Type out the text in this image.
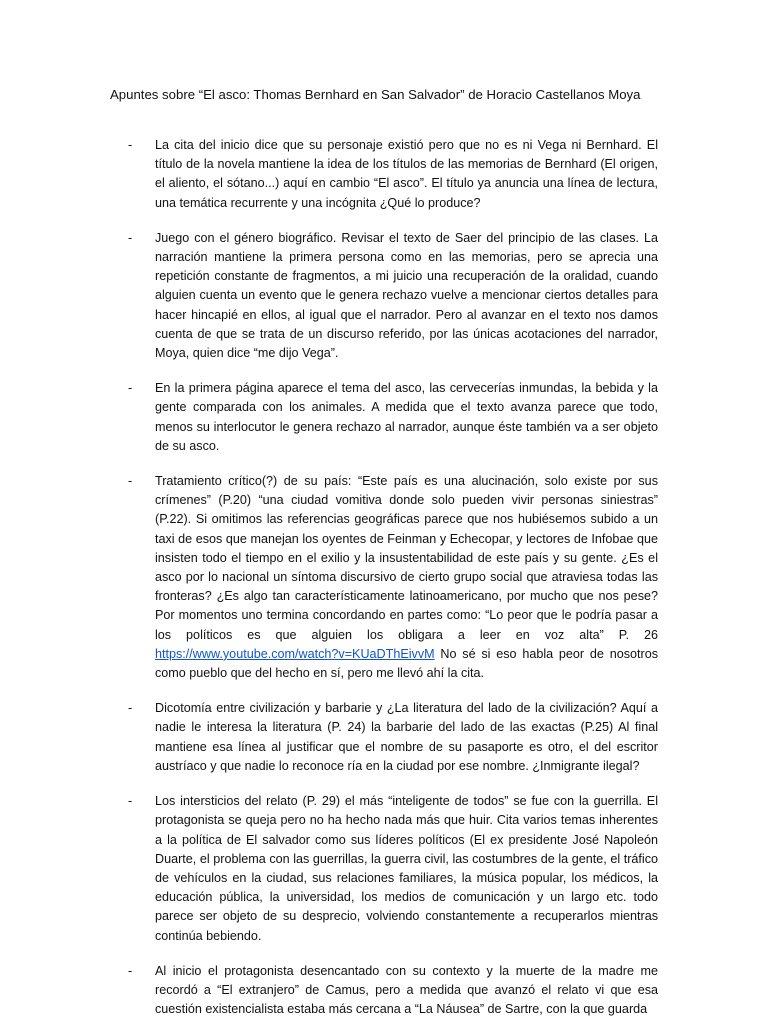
Apuntes sobre “El asco: Thomas Bernhard en San Salvador” de Horacio Castellanos Moya
- La cita del inicio dice que su personaje existió pero que no es ni Vega ni Bernhard. El título de la novela mantiene la idea de los títulos de las memorias de Bernhard (El origen, el aliento, el sótano...) aquí en cambio “El asco”. El título ya anuncia una línea de lectura, una temática recurrente y una incógnita ¿Qué lo produce?
- Juego con el género biográfico. Revisar el texto de Saer del principio de las clases. La narración mantiene la primera persona como en las memorias, pero se aprecia una repetición constante de fragmentos, a mi juicio una recuperación de la oralidad, cuando alguien cuenta un evento que le genera rechazo vuelve a mencionar ciertos detalles para hacer hincapié en ellos, al igual que el narrador. Pero al avanzar en el texto nos damos cuenta de que se trata de un discurso referido, por las únicas acotaciones del narrador, Moya, quien dice “me dijo Vega”.
- En la primera página aparece el tema del asco, las cervecerías inmundas, la bebida y la gente comparada con los animales. A medida que el texto avanza parece que todo, menos su interlocutor le genera rechazo al narrador, aunque éste también va a ser objeto de su asco.
- Tratamiento crítico(?) de su país: “Este país es una alucinación, solo existe por sus crímenes” (P.20) “una ciudad vomitiva donde solo pueden vivir personas siniestras” (P.22). Si omitimos las referencias geográficas parece que nos hubiésemos subido a un taxi de esos que manejan los oyentes de Feinman y Echecopar, y lectores de Infobae que insisten todo el tiempo en el exilio y la insustentabilidad de este país y su gente. ¿Es el asco por lo nacional un síntoma discursivo de cierto grupo social que atraviesa todas las fronteras? ¿Es algo tan característicamente latinoamericano, por mucho que nos pese? Por momentos uno termina concordando en partes como: “Lo peor que le podría pasar a los políticos es que alguien los obligara a leer en voz alta” P. 26 https://www.youtube.com/watch?v=KUaDThEivvM No sé si eso habla peor de nosotros como pueblo que del hecho en sí, pero me llevó ahí la cita.
- Dicotomía entre civilización y barbarie y ¿La literatura del lado de la civilización? Aquí a nadie le interesa la literatura (P. 24) la barbarie del lado de las exactas (P.25) Al final mantiene esa línea al justificar que el nombre de su pasaporte es otro, el del escritor austríaco y que nadie lo reconoce ría en la ciudad por ese nombre. ¿Inmigrante ilegal?
- Los intersticios del relato (P. 29) el más “inteligente de todos” se fue con la guerrilla. El protagonista se queja pero no ha hecho nada más que huir. Cita varios temas inherentes a la política de El salvador como sus líderes políticos (El ex presidente José Napoleón Duarte, el problema con las guerrillas, la guerra civil, las costumbres de la gente, el tráfico de vehículos en la ciudad, sus relaciones familiares, la música popular, los médicos, la educación pública, la universidad, los medios de comunicación y un largo etc. todo parece ser objeto de su desprecio, volviendo constantemente a recuperarlos mientras continúa bebiendo.
- Al inicio el protagonista desencantado con su contexto y la muerte de la madre me recordó a “El extranjero” de Camus, pero a medida que avanzó el relato vi que esa cuestión existencialista estaba más cercana a “La Náusea” de Sartre, con la que guarda
